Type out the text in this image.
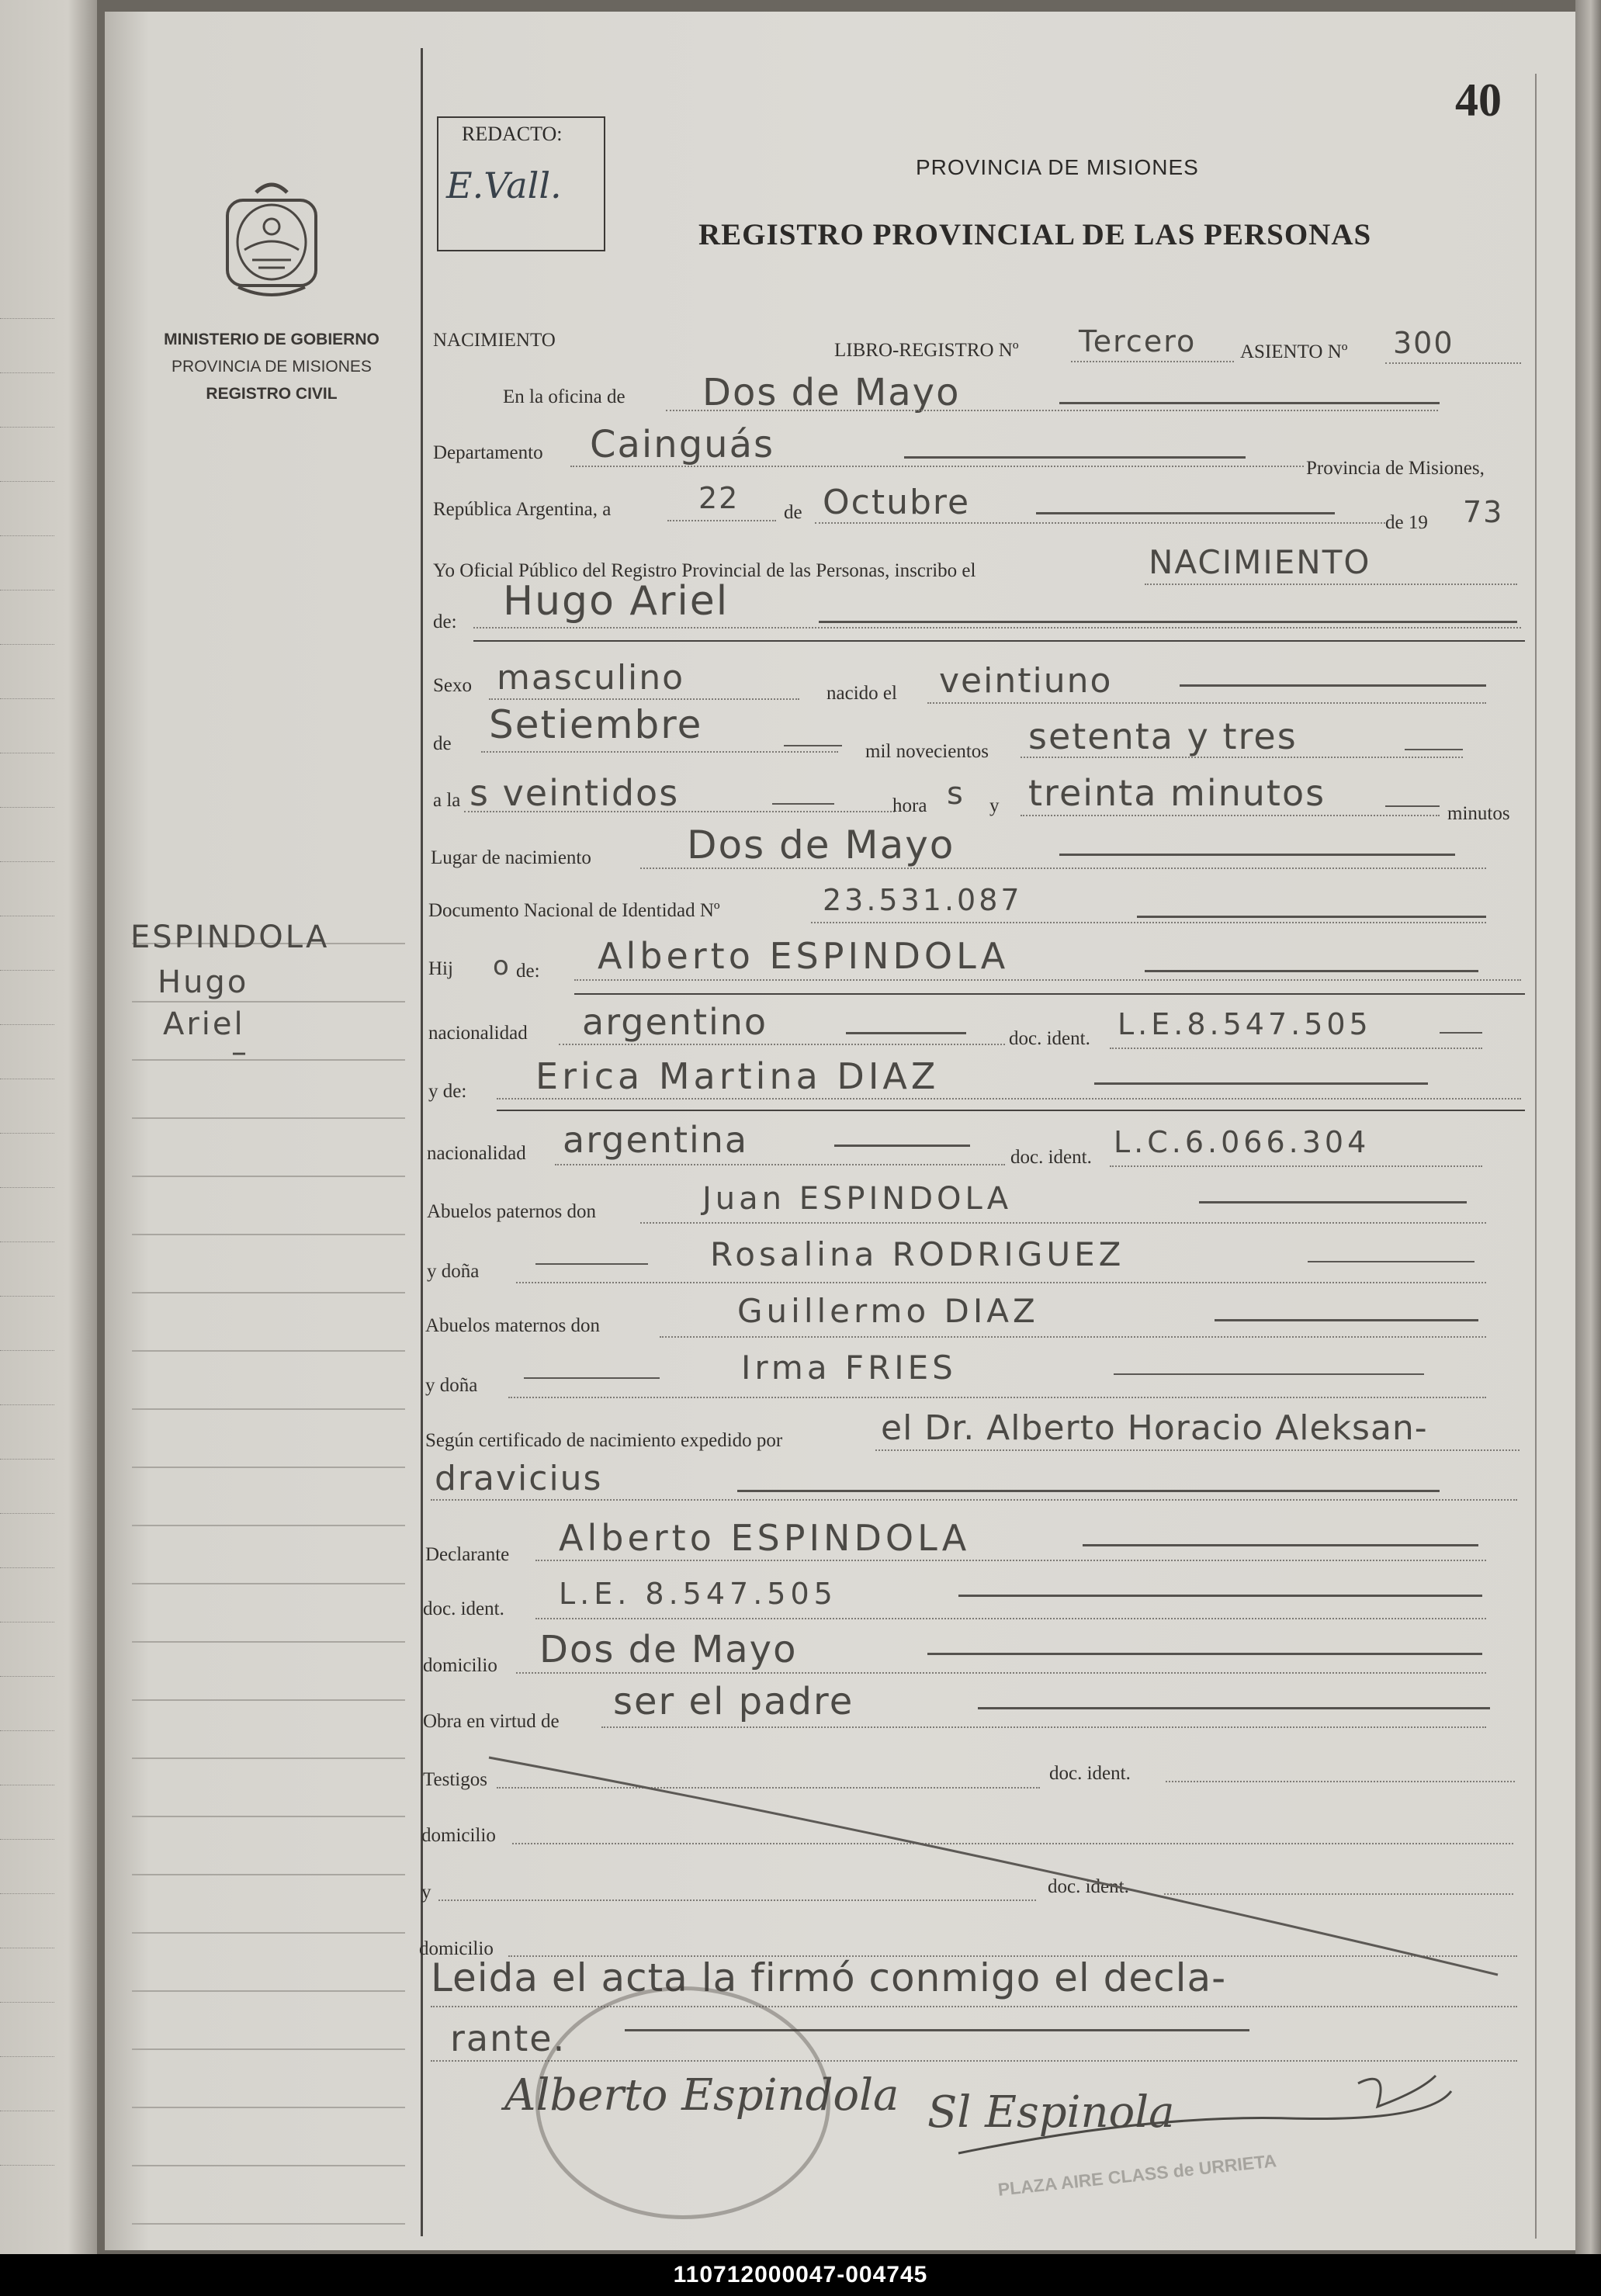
MINISTERIO DE GOBIERNO
PROVINCIA DE MISIONES
REGISTRO CIVIL
ESPINDOLA
Hugo
Ariel
–
REDACTO:
E.Vall.	PROVINCIA DE MISIONES
REGISTRO PROVINCIAL DE LAS PERSONAS
40
NACIMIENTO	LIBRO-REGISTRO Nº Tercero ASIENTO Nº 300
En la oficina de Dos de Mayo
Departamento Cainguás
Provincia de Misiones,
República Argentina, a	22 de Octubre
de 19 73
Yo Oficial Público del Registro Provincial de las Personas, inscribo el	NACIMIENTO
de: Hugo Ariel
Sexo masculino	nacido el veintiuno
de Setiembre
mil novecientos setenta y tres
a la s veintidos	hora s y treinta minutos	minutos
Lugar de nacimiento Dos de Mayo
Documento Nacional de Identidad Nº	23.531.087
Hij o de: Alberto ESPINDOLA
nacionalidad argentino	doc. ident. L.E.8.547.505
y de: Erica Martina DIAZ
nacionalidad argentina	doc. ident. L.C.6.066.304
Abuelos paternos don	Juan ESPINDOLA
y doña	Rosalina RODRIGUEZ
Abuelos maternos don	Guillermo DIAZ
y doña	Irma FRIES
Según certificado de nacimiento expedido por	el Dr. Alberto Horacio Aleksan-
dravicius
Declarante Alberto ESPINDOLA
doc. ident. L.E. 8.547.505
domicilio Dos de Mayo
Obra en virtud de ser el padre
Testigos	doc. ident.
domicilio
y	doc. ident.
domicilio
Leida el acta la firmó conmigo el decla-
rante.
Alberto Espindola Sl Espinola
PLAZA AIRE CLASS de URRIETA
110712000047-004745
